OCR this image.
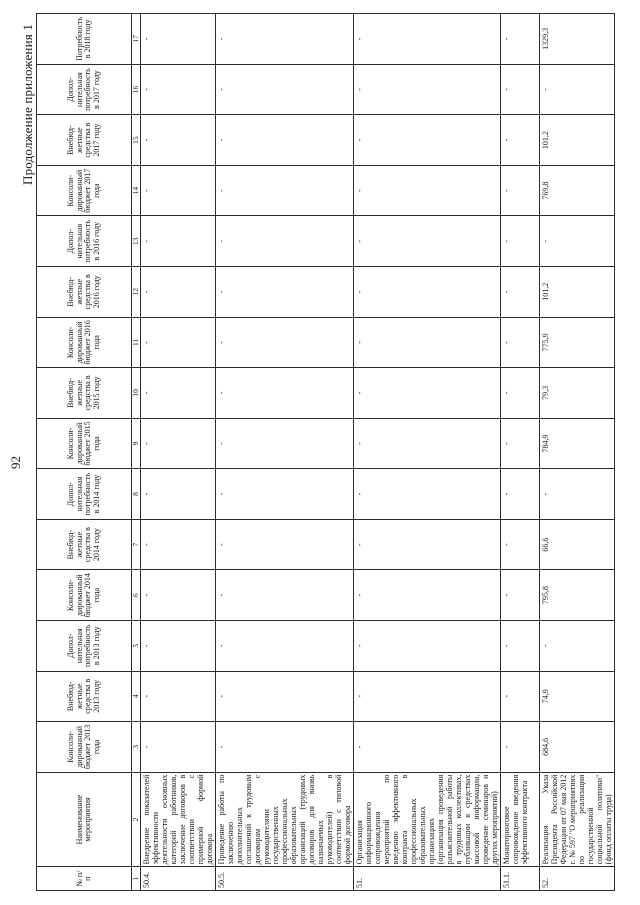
92
Продолжение приложения 1
№ п/п	Наименование мероприятия	Консолидированный бюджет 2013 года	Внебюджетные средства в 2013 году	Дополнительная потребность в 2013 году	Консолидированный бюджет 2014 года	Внебюджетные средства в 2014 году	Дополнительная потребность в 2014 году	Консолидированный бюджет 2015 года	Внебюджетные средства в 2015 году	Консолидированный бюджет 2016 года	Внебюджетные средства в 2016 году	Дополнительная потребность в 2016 году	Консолидированный бюджет 2017 года	Внебюджетные средства в 2017 году	Дополнительная потребность в 2017 году	Потребность в 2018 году
1	2	3	4	5	6	7	8	9	10	11	12	13	14	15	16	17
50.4.	Внедрение показателей эффективности деятельности основных категорий работников, заключение договоров в соответствии с примерной формой договора	-	-	-	-	-	-	-	-	-	-	-	-	-	-	-
50.5.	Проведение работы по заключению дополнительных соглашений к трудовым договорам с руководителями государственных профессиональных образовательных организаций (трудовых договоров для вновь назначаемых руководителей) в соответствии с типовой формой договора	-	-	-	-	-	-	-	-	-	-	-	-	-	-	-
51.	Организация информационного сопровождения мероприятий по введению эффективного контракта в профессиональных образовательных организациях (организация проведения разъяснительной работы в трудовых коллективах, публикации в средствах массовой информации, проведение семинаров и других мероприятий)	-	-	-	-	-	-	-	-	-	-	-	-	-	-	-
51.1.	Мониторинговое сопровождение введения эффективного контракта	-	-	-	-	-	-	-	-	-	-	-	-	-	-	-
52.	Реализация Указа Президента Российской Федерации от 07 мая 2012 г. № 597 "О мероприятиях по реализации государственной социальной политики" (фонд оплаты труда)	684,6	74,9	-	795,8	66,6	-	784,9	79,3	775,9	101,2	-	769,8	101,2	-	1329,3
